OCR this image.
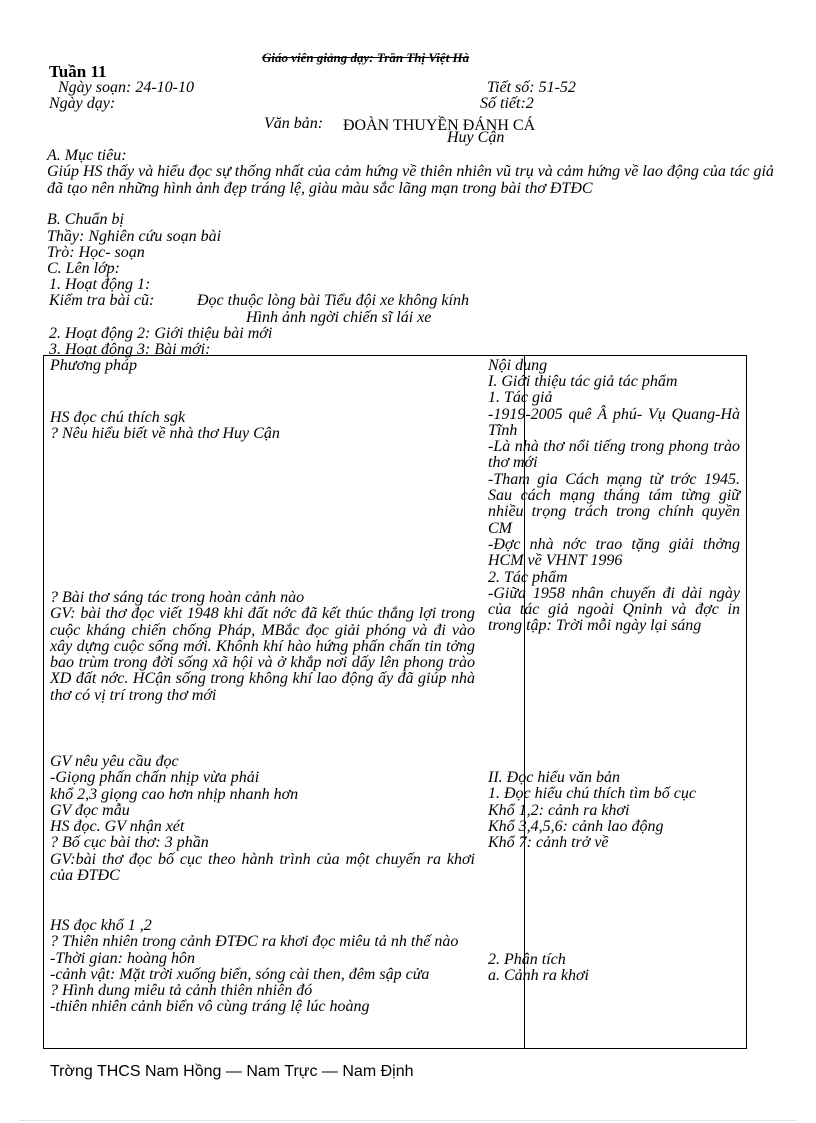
Giáo viên giảng dạy: Trần Thị Việt Hà
Tuần 11
Ngày soạn: 24-10-10
Ngày dạy:
Tiết số: 51-52
Số tiết:2
Văn bản: ĐOÀN THUYỀN ĐÁNH CÁ
Huy Cận
A. Mục tiêu:
Giúp HS thấy và hiểu đọc sự thống nhất của cảm hứng về thiên nhiên vũ trụ và cảm hứng về lao động của tác giả đã tạo nên những hình ảnh đẹp tráng lệ, giàu màu sắc lãng mạn trong bài thơ ĐTĐC
B. Chuẩn bị
Thầy: Nghiên cứu soạn bài
Trò: Học- soạn
C. Lên lớp:
1. Hoạt động 1:
Kiểm tra bài cũ:	Đọc thuộc lòng bài Tiểu đội xe không kính
Hình ảnh ngời chiến sĩ lái xe
2. Hoạt động 2: Giới thiệu bài mới
3. Hoạt động 3: Bài mới:
Phương pháp	Nội dung

HS đọc chú thích sgk

? Nêu hiểu biết về nhà thơ Huy Cận

? Bài thơ sáng tác trong hoàn cảnh nào

GV: bài thơ đọc viết 1948 khi đất nớc đã kết thúc thắng lợi trong cuộc kháng chiến chống Pháp, MBắc đọc giải phóng và đi vào xây dựng cuộc sống mới. Khônh khí hào hứng phấn chấn tin tởng bao trùm trong đời sống xã hội và ở khắp nơi dấy lên phong trào XD đất nớc. HCận sống trong không khí lao động ấy đã giúp nhà thơ có vị trí trong thơ mới

GV nêu yêu cầu đọc

-Giọng phấn chấn nhịp vừa phải

khổ 2,3 giọng cao hơn nhịp nhanh hơn

GV đọc mẫu

HS đọc. GV nhận xét

? Bố cục bài thơ: 3 phần

GV:bài thơ đọc bố cục theo hành trình của một chuyến ra khơi của ĐTĐC

HS đọc khổ 1 ,2

? Thiên nhiên trong cảnh ĐTĐC ra khơi đọc miêu tả nh thế nào

-Thời gian: hoàng hôn

-cảnh vật: Mặt trời xuống biển, sóng cài then, đêm sập cửa

? Hình dung miêu tả cảnh thiên nhiên đó

-thiên nhiên cảnh biển vô cùng tráng lệ lúc hoàng

I. Giới thiệu tác giả tác phẩm

1. Tác giả

-1919-2005 quê Â phú- Vụ Quang-Hà Tĩnh

-Là nhà thơ nổi tiếng trong phong trào thơ mới

-Tham gia Cách mạng từ trớc 1945. Sau cách mạng tháng tám từng giữ nhiều trọng trách trong chính quyền CM

-Đợc nhà nớc trao tặng giải thởng HCM về VHNT 1996

2. Tác phẩm

-Giữa 1958 nhân chuyến đi dài ngày của tác giả ngoài Qninh và đợc in trong tập: Trời mỗi ngày lại sáng

II. Đọc hiểu văn bản

1. Đọc hiểu chú thích tìm bố cục

Khổ 1,2: cảnh ra khơi

Khổ 3,4,5,6: cảnh lao động

Khổ 7: cảnh trở về

2. Phân tích

a. Cảnh ra khơi

Trờng THCS Nam Hồng — Nam Trực — Nam Định
